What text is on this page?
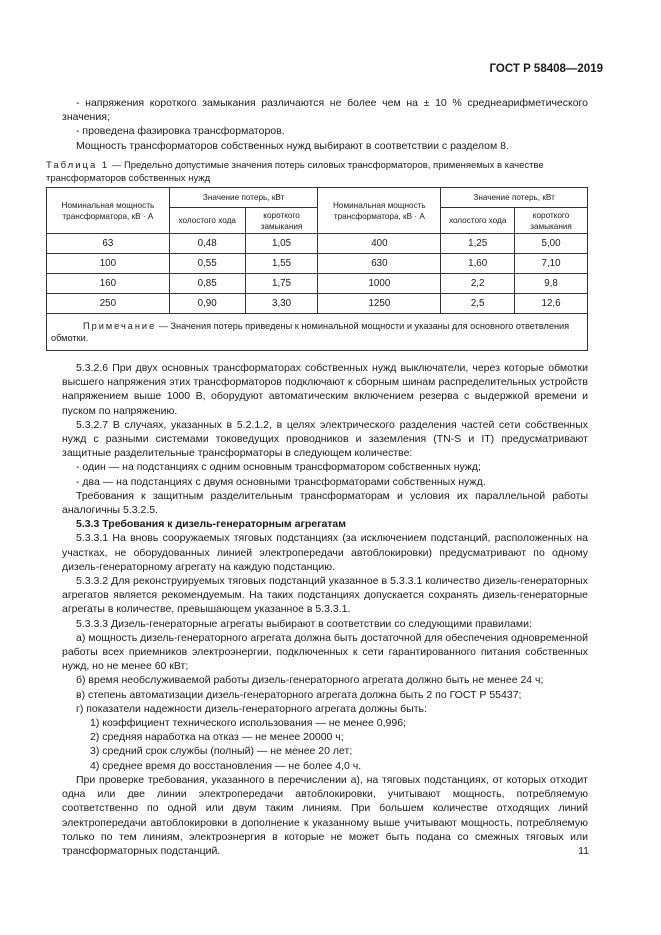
ГОСТ Р 58408—2019

- напряжения короткого замыкания различаются не более чем на ± 10 % среднеарифметического значения;

- проведена фазировка трансформаторов.

Мощность трансформаторов собственных нужд выбирают в соответствии с разделом 8.

Таблица 1 — Предельно допустимые значения потерь силовых трансформаторов, применяемых в качестве трансформаторов собственных нужд
Номинальная мощность трансформатора, кВ · А	Значение потерь, кВт		Номинальная мощность трансформатора, кВ · А	Значение потерь, кВт	
	холостого хода	короткого замыкания		холостого хода	короткого замыкания
63	0,48	1,05	400	1,25	5,00
100	0,55	1,55	630	1,60	7,10
160	0,85	1,75	1000	2,2	9,8
250	0,90	3,30	1250	2,5	12,6
Примечание — Значения потерь приведены к номинальной мощности и указаны для основного ответвления обмотки.					

5.3.2.6 При двух основных трансформаторах собственных нужд выключатели, через которые обмотки высшего напряжения этих трансформаторов подключают к сборным шинам распределительных устройств напряжением выше 1000 В, оборудуют автоматическим включением резерва с выдержкой времени и пуском по напряжению.

5.3.2.7 В случаях, указанных в 5.2.1.2, в целях электрического разделения частей сети собственных нужд с разными системами токоведущих проводников и заземления (TN-S и IT) предусматривают защитные разделительные трансформаторы в следующем количестве:

- один — на подстанциях с одним основным трансформатором собственных нужд;

- два — на подстанциях с двумя основными трансформаторами собственных нужд.

Требования к защитным разделительным трансформаторам и условия их параллельной работы аналогичны 5.3.2.5.

5.3.3 Требования к дизель-генераторным агрегатам

5.3.3.1 На вновь сооружаемых тяговых подстанциях (за исключением подстанций, расположенных на участках, не оборудованных линией электропередачи автоблокировки) предусматривают по одному дизель-генераторному агрегату на каждую подстанцию.

5.3.3.2 Для реконструируемых тяговых подстанций указанное в 5.3.3.1 количество дизель-генераторных агрегатов является рекомендуемым. На таких подстанциях допускается сохранять дизель-генераторные агрегаты в количестве, превышающем указанное в 5.3.3.1.

5.3.3.3 Дизель-генераторные агрегаты выбирают в соответствии со следующими правилами:

а) мощность дизель-генераторного агрегата должна быть достаточной для обеспечения одновременной работы всех приемников электроэнергии, подключенных к сети гарантированного питания собственных нужд, но не менее 60 кВт;

б) время необслуживаемой работы дизель-генераторного агрегата должно быть не менее 24 ч;

в) степень автоматизации дизель-генераторного агрегата должна быть 2 по ГОСТ Р 55437;

г) показатели надежности дизель-генераторного агрегата должны быть:

1) коэффициент технического использования — не менее 0,996;

2) средняя наработка на отказ — не менее 20000 ч;

3) средний срок службы (полный) — не менее 20 лет;

4) среднее время до восстановления — не более 4,0 ч.

При проверке требования, указанного в перечислении а), на тяговых подстанциях, от которых отходит одна или две линии электропередачи автоблокировки, учитывают мощность, потребляемую соответственно по одной или двум таким линиям. При большем количестве отходящих линий электропередачи автоблокировки в дополнение к указанному выше учитывают мощность, потребляемую только по тем линиям, электроэнергия в которые не может быть подана со смежных тяговых или трансформаторных подстанций.	11
